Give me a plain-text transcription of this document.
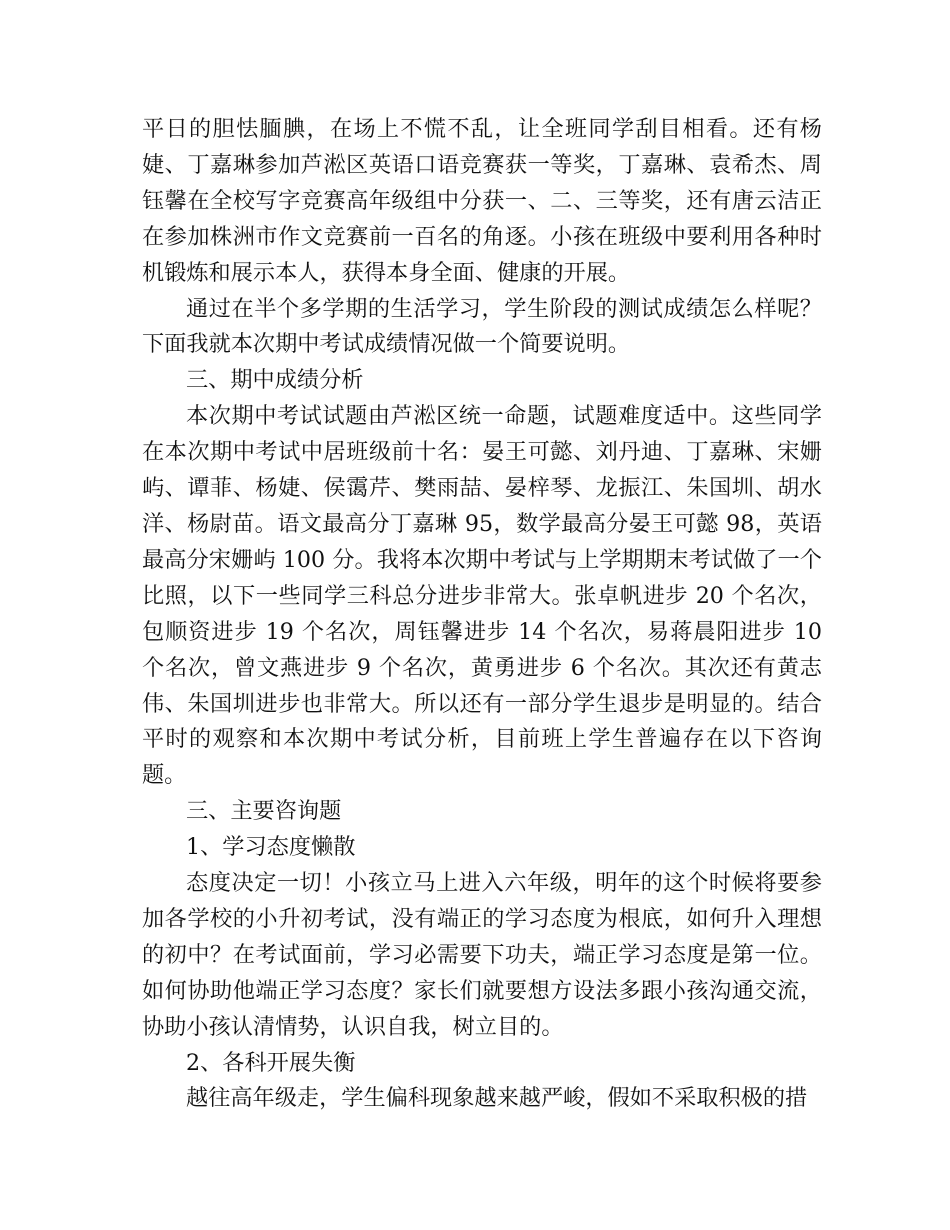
平日的胆怯腼腆，在场上不慌不乱，让全班同学刮目相看。还有杨婕、丁嘉琳参加芦淞区英语口语竞赛获一等奖，丁嘉琳、袁希杰、周钰馨在全校写字竞赛高年级组中分获一、二、三等奖，还有唐云洁正在参加株洲市作文竞赛前一百名的角逐。小孩在班级中要利用各种时机锻炼和展示本人，获得本身全面、健康的开展。

通过在半个多学期的生活学习，学生阶段的测试成绩怎么样呢？下面我就本次期中考试成绩情况做一个简要说明。

三、期中成绩分析

本次期中考试试题由芦淞区统一命题，试题难度适中。这些同学在本次期中考试中居班级前十名：晏王可懿、刘丹迪、丁嘉琳、宋姗屿、谭菲、杨婕、侯霭芹、樊雨喆、晏梓琴、龙振江、朱国圳、胡水洋、杨尉苗。语文最高分丁嘉琳 95，数学最高分晏王可懿 98，英语最高分宋姗屿 100 分。我将本次期中考试与上学期期末考试做了一个比照，以下一些同学三科总分进步非常大。张卓帆进步 20 个名次，包顺资进步 19 个名次，周钰馨进步 14 个名次，易蒋晨阳进步 10 个名次，曾文燕进步 9 个名次，黄勇进步 6 个名次。其次还有黄志伟、朱国圳进步也非常大。所以还有一部分学生退步是明显的。结合平时的观察和本次期中考试分析，目前班上学生普遍存在以下咨询题。

三、主要咨询题

1、学习态度懒散

态度决定一切！小孩立马上进入六年级，明年的这个时候将要参加各学校的小升初考试，没有端正的学习态度为根底，如何升入理想的初中？在考试面前，学习必需要下功夫，端正学习态度是第一位。如何协助他端正学习态度？家长们就要想方设法多跟小孩沟通交流，协助小孩认清情势，认识自我，树立目的。

2、各科开展失衡

越往高年级走，学生偏科现象越来越严峻，假如不采取积极的措
